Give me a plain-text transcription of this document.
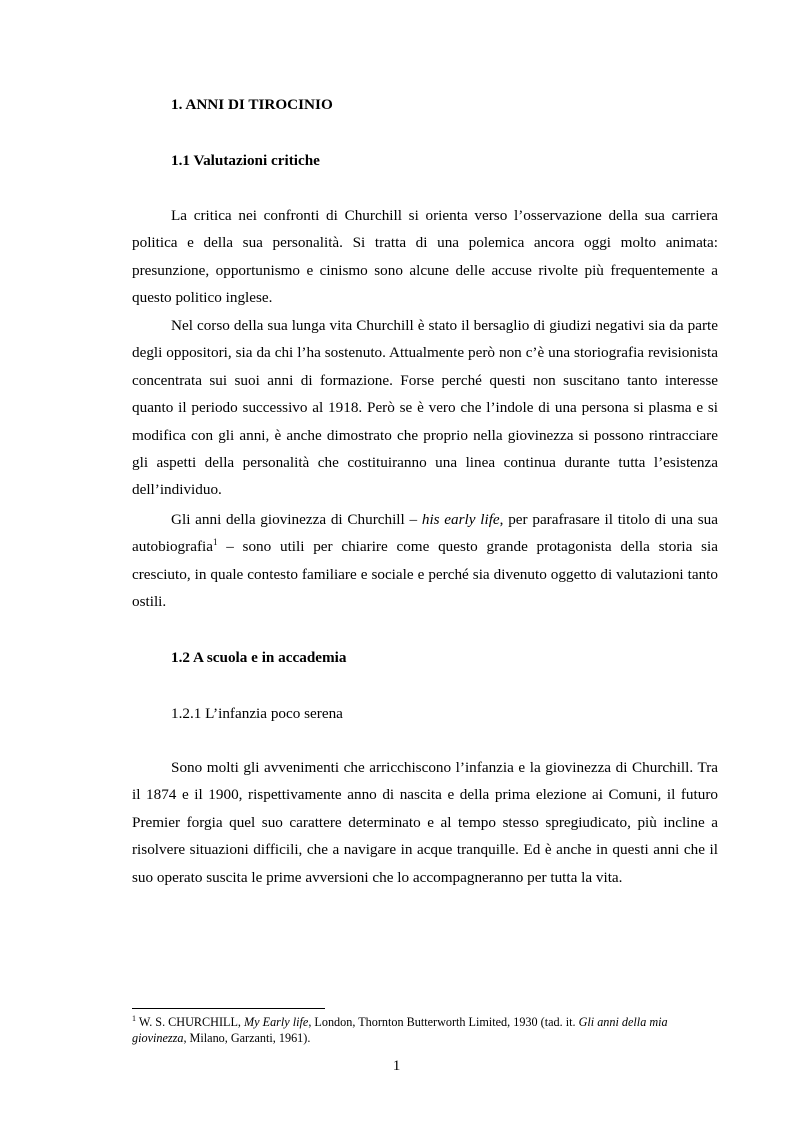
1. ANNI DI TIROCINIO
1.1 Valutazioni critiche

La critica nei confronti di Churchill si orienta verso l’osservazione della sua carriera politica e della sua personalità. Si tratta di una polemica ancora oggi molto animata: presunzione, opportunismo e cinismo sono alcune delle accuse rivolte più frequentemente a questo politico inglese.

Nel corso della sua lunga vita Churchill è stato il bersaglio di giudizi negativi sia da parte degli oppositori, sia da chi l’ha sostenuto. Attualmente però non c’è una storiografia revisionista concentrata sui suoi anni di formazione. Forse perché questi non suscitano tanto interesse quanto il periodo successivo al 1918. Però se è vero che l’indole di una persona si plasma e si modifica con gli anni, è anche dimostrato che proprio nella giovinezza si possono rintracciare gli aspetti della personalità che costituiranno una linea continua durante tutta l’esistenza dell’individuo.

Gli anni della giovinezza di Churchill – his early life, per parafrasare il titolo di una sua autobiografia$^1$ – sono utili per chiarire come questo grande protagonista della storia sia cresciuto, in quale contesto familiare e sociale e perché sia divenuto oggetto di valutazioni tanto ostili.

1.2 A scuola e in accademia
1.2.1 L’infanzia poco serena

Sono molti gli avvenimenti che arricchiscono l’infanzia e la giovinezza di Churchill. Tra il 1874 e il 1900, rispettivamente anno di nascita e della prima elezione ai Comuni, il futuro Premier forgia quel suo carattere determinato e al tempo stesso spregiudicato, più incline a risolvere situazioni difficili, che a navigare in acque tranquille. Ed è anche in questi anni che il suo operato suscita le prime avversioni che lo accompagneranno per tutta la vita.

$^1$ W. S. CHURCHILL, My Early life, London, Thornton Butterworth Limited, 1930 (tad. it. Gli anni della mia giovinezza, Milano, Garzanti, 1961).

1
